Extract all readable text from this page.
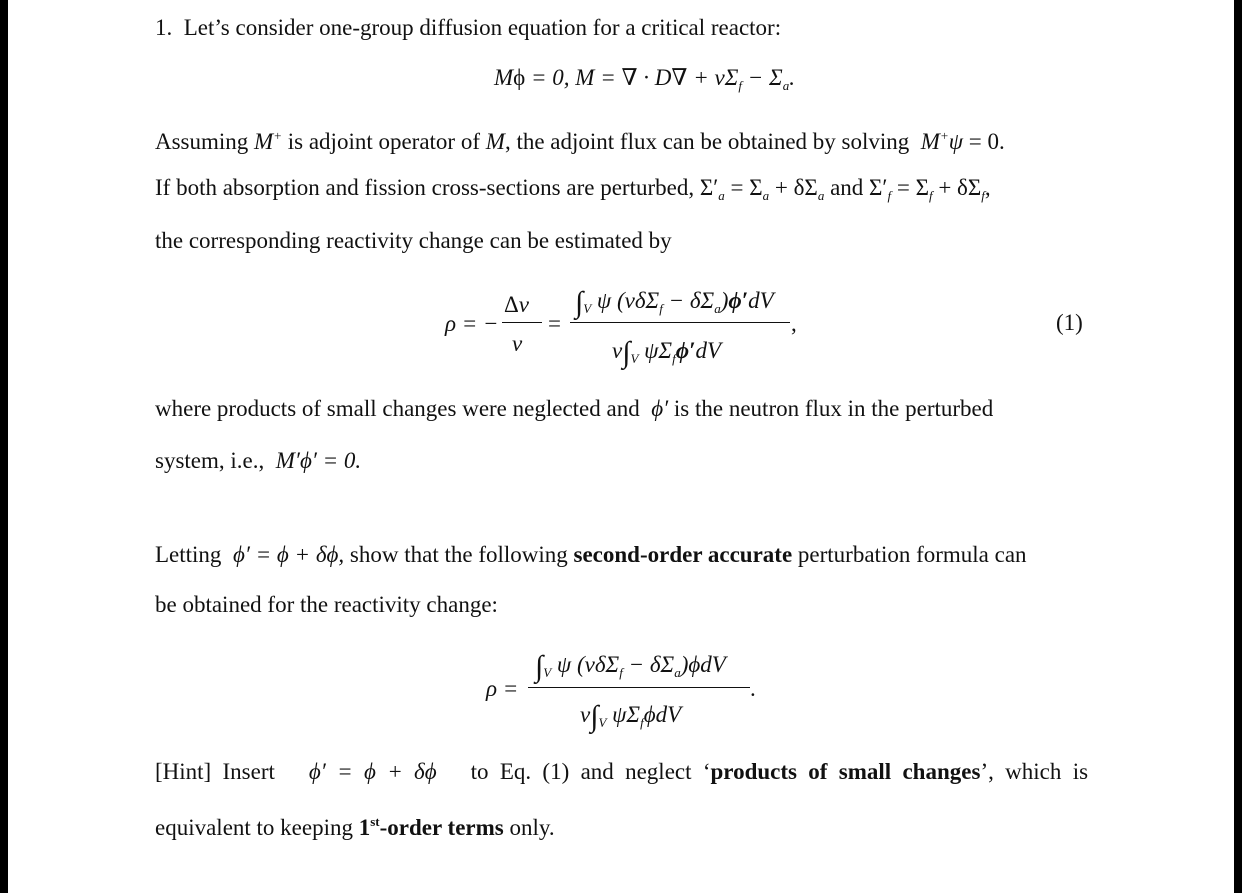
1. Let’s consider one-group diffusion equation for a critical reactor:
Mϕ = 0, M = ∇ · $D\nabla + \nu\Sigma_f - \Sigma_a$.
Assuming M+ is adjoint operator of M, the adjoint flux can be obtained by solving M+ψ = 0.
If both absorption and fission cross-sections are perturbed, $\Sigma'_a = \Sigma_a + \delta\Sigma_a$ and $\Sigma'_f = \Sigma_f + \delta\Sigma_f$,
the corresponding reactivity change can be estimated by
ρ = −
Δν
ν
=
$\int_V$ ψ $(\nu\delta\Sigma_f - \delta\Sigma_a)\phi'dV$
,
$\nu\int_V$ $\psi\Sigma_f\phi'dV$
(1)
where products of small changes were neglected and ϕ′ is the neutron flux in the perturbed
system, i.e., M′ϕ′ = 0.
Letting ϕ′ = ϕ + δϕ, show that the following second-order accurate perturbation formula can
be obtained for the reactivity change:
ρ =
$\int_V$ ψ $(\nu\delta\Sigma_f - \delta\Sigma_a)\phi dV$
.
$\nu\int_V$ $\psi\Sigma_f\phi dV$
[Hint] Insert ϕ′ = ϕ + δϕ to Eq. (1) and neglect ‘products of small changes’, which is
equivalent to keeping 1st-order terms only.
